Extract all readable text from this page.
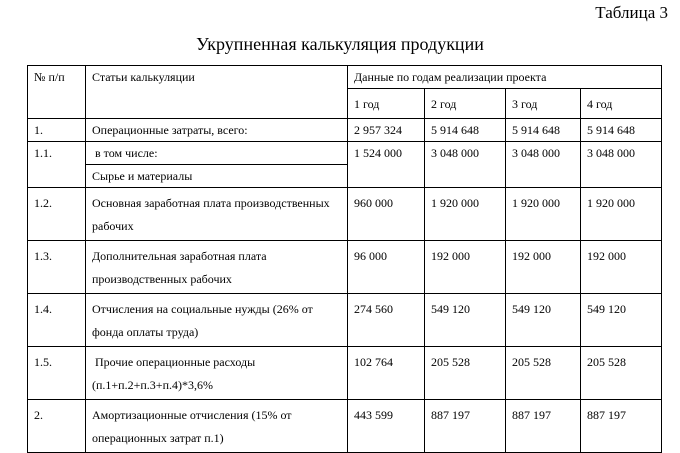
Таблица 3
Укрупненная калькуляция продукции
№ п/п	Статьи калькуляции	Данные по годам реализации проекта			
		1 год	2 год	3 год	4 год
1.	Операционные затраты, всего:	2 957 324	5 914 648	5 914 648	5 914 648
1.1.	в том числе:	1 524 000	3 048 000	3 048 000	3 048 000
	Сырье и материалы				
1.2.	Основная заработная плата производственных рабочих	960 000	1 920 000	1 920 000	1 920 000
1.3.	Дополнительная заработная плата производственных рабочих	96 000	192 000	192 000	192 000
1.4.	Отчисления на социальные нужды (26% от фонда оплаты труда)	274 560	549 120	549 120	549 120
1.5.	Прочие операционные расходы (п.1+п.2+п.3+п.4)*3,6%	102 764	205 528	205 528	205 528
2.	Амортизационные отчисления (15% от операционных затрат п.1)	443 599	887 197	887 197	887 197
